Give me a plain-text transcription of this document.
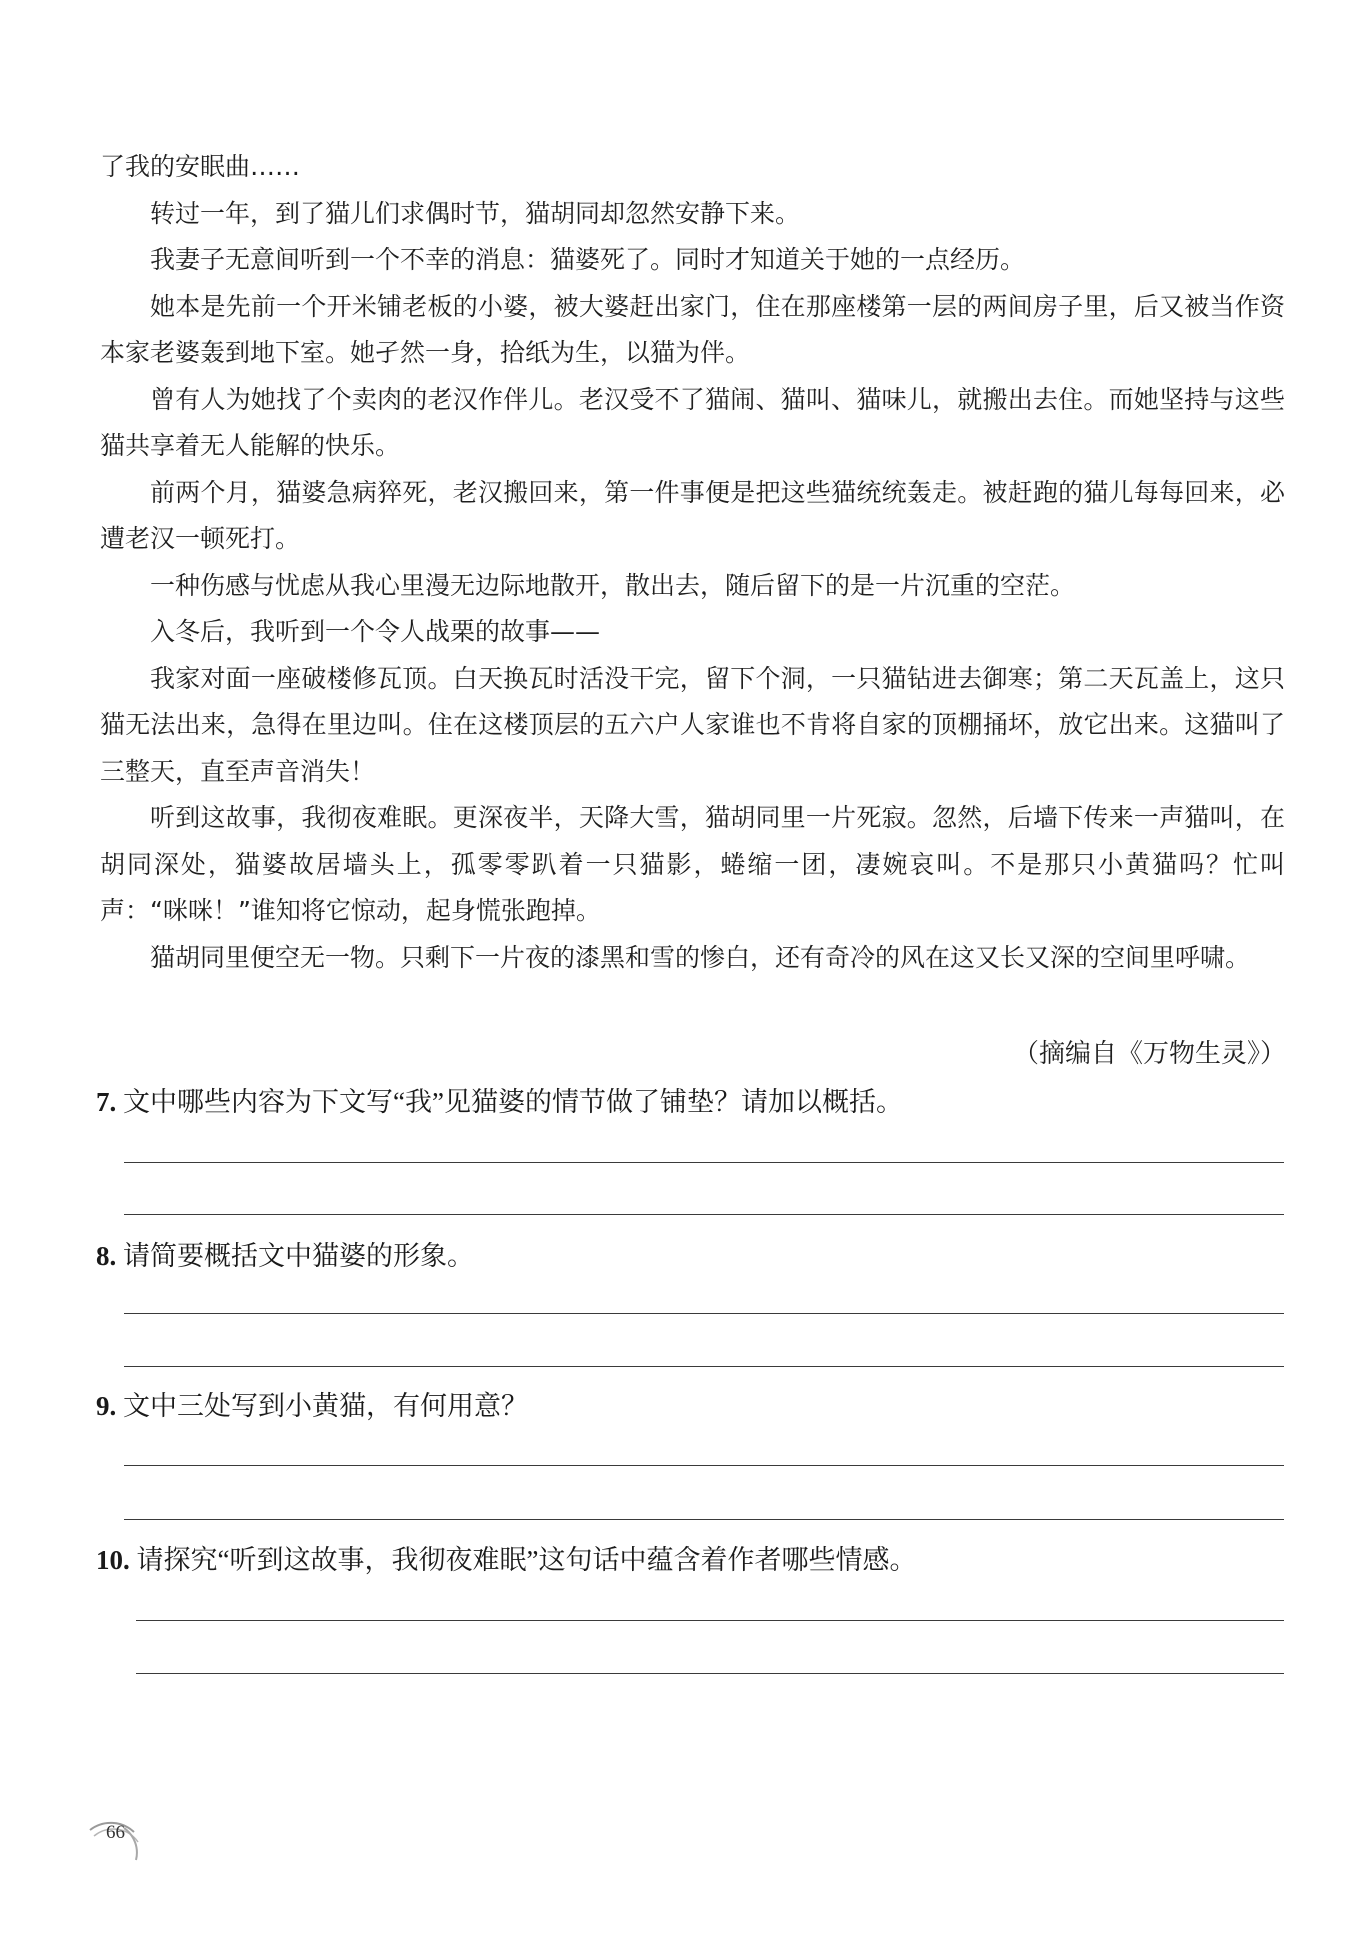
了我的安眠曲……

转过一年，到了猫儿们求偶时节，猫胡同却忽然安静下来。

我妻子无意间听到一个不幸的消息：猫婆死了。同时才知道关于她的一点经历。

她本是先前一个开米铺老板的小婆，被大婆赶出家门，住在那座楼第一层的两间房子里，后又被当作资本家老婆轰到地下室。她孑然一身，拾纸为生，以猫为伴。

曾有人为她找了个卖肉的老汉作伴儿。老汉受不了猫闹、猫叫、猫味儿，就搬出去住。而她坚持与这些猫共享着无人能解的快乐。

前两个月，猫婆急病猝死，老汉搬回来，第一件事便是把这些猫统统轰走。被赶跑的猫儿每每回来，必遭老汉一顿死打。

一种伤感与忧虑从我心里漫无边际地散开，散出去，随后留下的是一片沉重的空茫。

入冬后，我听到一个令人战栗的故事——

我家对面一座破楼修瓦顶。白天换瓦时活没干完，留下个洞，一只猫钻进去御寒；第二天瓦盖上，这只猫无法出来，急得在里边叫。住在这楼顶层的五六户人家谁也不肯将自家的顶棚捅坏，放它出来。这猫叫了三整天，直至声音消失！

听到这故事，我彻夜难眠。更深夜半，天降大雪，猫胡同里一片死寂。忽然，后墙下传来一声猫叫，在胡同深处，猫婆故居墙头上，孤零零趴着一只猫影，蜷缩一团，凄婉哀叫。不是那只小黄猫吗？忙叫声：“咪咪！”谁知将它惊动，起身慌张跑掉。

猫胡同里便空无一物。只剩下一片夜的漆黑和雪的惨白，还有奇冷的风在这又长又深的空间里呼啸。

（摘编自《万物生灵》）
7. 文中哪些内容为下文写“我”见猫婆的情节做了铺垫？请加以概括。
8. 请简要概括文中猫婆的形象。
9. 文中三处写到小黄猫，有何用意？
10. 请探究“听到这故事，我彻夜难眠”这句话中蕴含着作者哪些情感。
66
